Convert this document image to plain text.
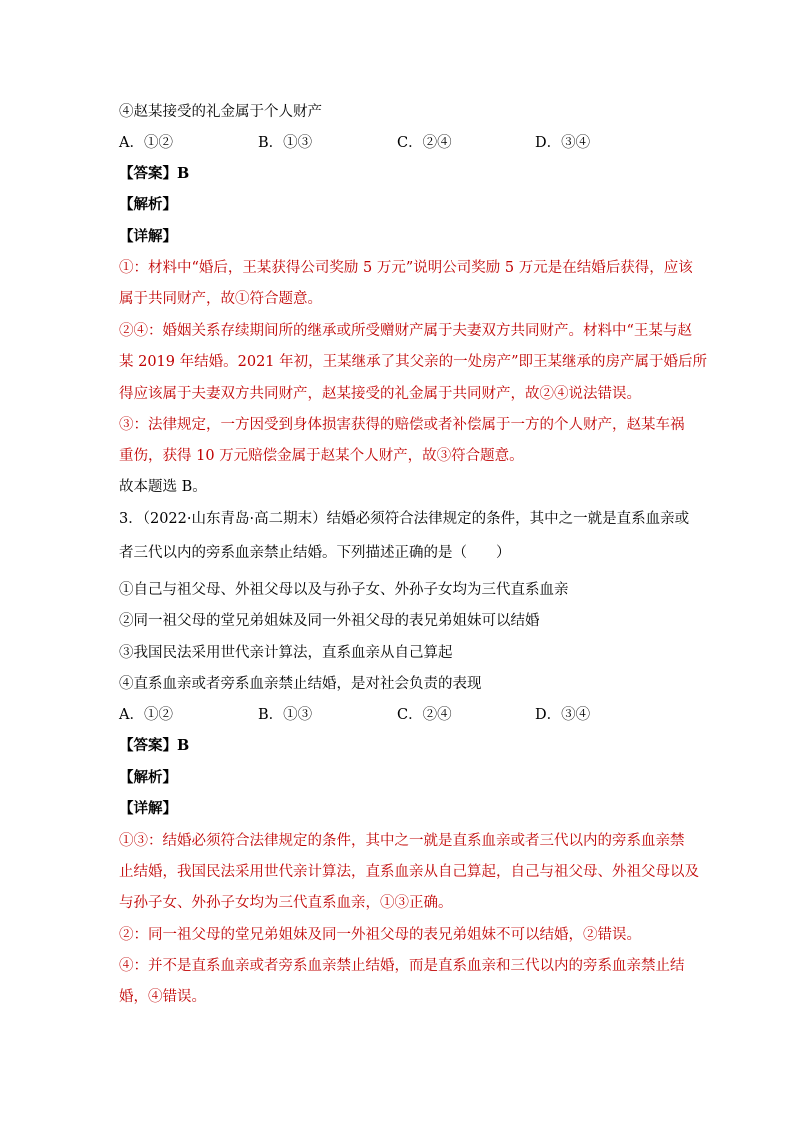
④赵某接受的礼金属于个人财产
A．①②	B．①③	C．②④	D．③④
【答案】B
【解析】
【详解】
①：材料中“婚后，王某获得公司奖励 5 万元”说明公司奖励 5 万元是在结婚后获得，应该
属于共同财产，故①符合题意。
②④：婚姻关系存续期间所的继承或所受赠财产属于夫妻双方共同财产。材料中“王某与赵
某 2019 年结婚。2021 年初，王某继承了其父亲的一处房产”即王某继承的房产属于婚后所
得应该属于夫妻双方共同财产，赵某接受的礼金属于共同财产，故②④说法错误。
③：法律规定，一方因受到身体损害获得的赔偿或者补偿属于一方的个人财产，赵某车祸
重伤，获得 10 万元赔偿金属于赵某个人财产，故③符合题意。
故本题选 B。
3．（2022·山东青岛·高二期末）结婚必须符合法律规定的条件，其中之一就是直系血亲或
者三代以内的旁系血亲禁止结婚。下列描述正确的是（　　）
①自己与祖父母、外祖父母以及与孙子女、外孙子女均为三代直系血亲
②同一祖父母的堂兄弟姐妹及同一外祖父母的表兄弟姐妹可以结婚
③我国民法采用世代亲计算法，直系血亲从自己算起
④直系血亲或者旁系血亲禁止结婚，是对社会负责的表现
A．①②	B．①③	C．②④	D．③④
【答案】B
【解析】
【详解】
①③：结婚必须符合法律规定的条件，其中之一就是直系血亲或者三代以内的旁系血亲禁
止结婚，我国民法采用世代亲计算法，直系血亲从自己算起，自己与祖父母、外祖父母以及
与孙子女、外孙子女均为三代直系血亲，①③正确。
②：同一祖父母的堂兄弟姐妹及同一外祖父母的表兄弟姐妹不可以结婚，②错误。
④：并不是直系血亲或者旁系血亲禁止结婚，而是直系血亲和三代以内的旁系血亲禁止结
婚，④错误。
